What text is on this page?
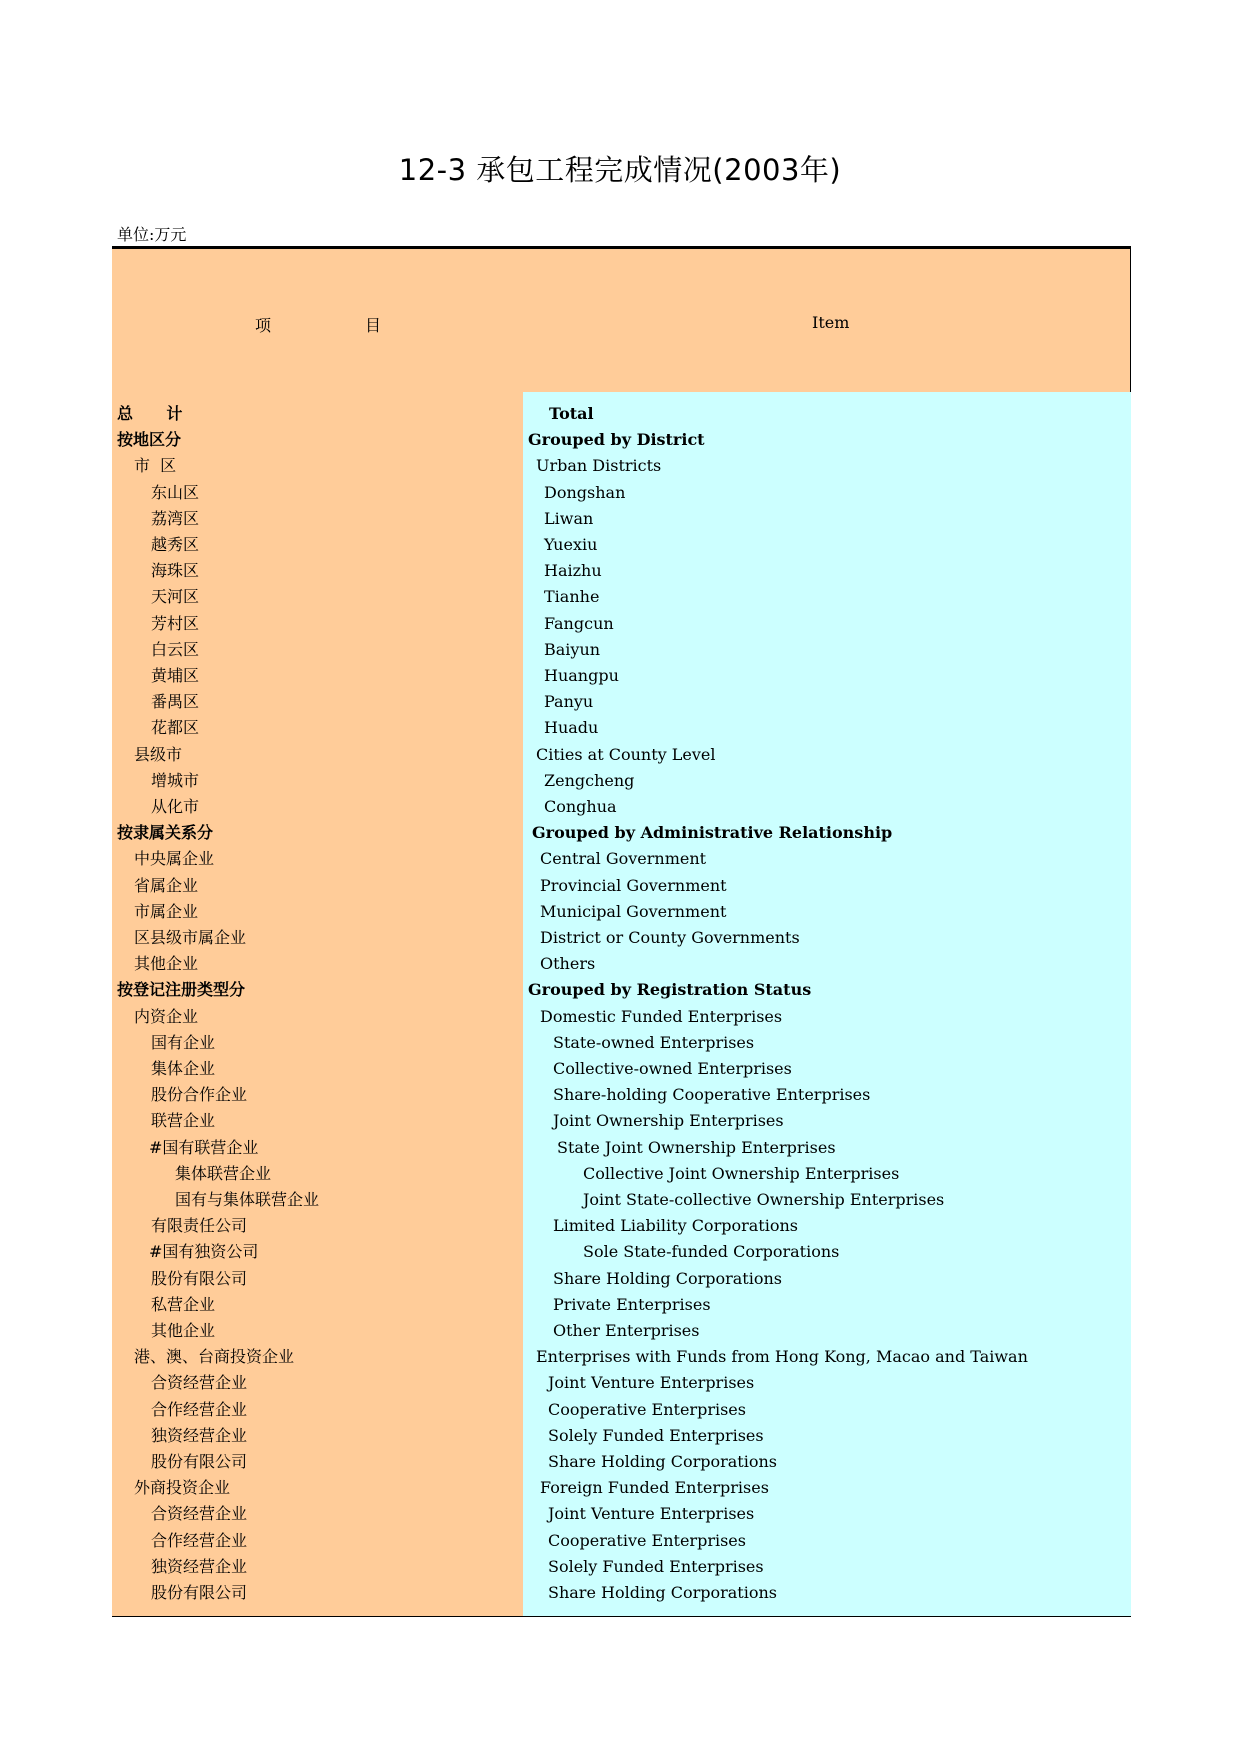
12-3 承包工程完成情况(2003年)
单位:万元
项	目	Item
总      计	Total
按地区分	Grouped by District
市  区	Urban Districts
东山区	Dongshan
荔湾区	Liwan
越秀区	Yuexiu
海珠区	Haizhu
天河区	Tianhe
芳村区	Fangcun
白云区	Baiyun
黄埔区	Huangpu
番禺区	Panyu
花都区	Huadu
县级市	Cities at County Level
增城市	Zengcheng
从化市	Conghua
按隶属关系分	Grouped by Administrative Relationship
中央属企业	Central Government
省属企业	Provincial Government
市属企业	Municipal Government
区县级市属企业	District or County Governments
其他企业	Others
按登记注册类型分	Grouped by Registration Status
内资企业	Domestic Funded Enterprises
国有企业	State-owned Enterprises
集体企业	Collective-owned Enterprises
股份合作企业	Share-holding Cooperative Enterprises
联营企业	Joint Ownership Enterprises
#国有联营企业	State Joint Ownership Enterprises
集体联营企业	Collective Joint Ownership Enterprises
国有与集体联营企业	Joint State-collective Ownership Enterprises
有限责任公司	Limited Liability Corporations
#国有独资公司	Sole State-funded Corporations
股份有限公司	Share Holding Corporations
私营企业	Private Enterprises
其他企业	Other Enterprises
港、澳、台商投资企业	Enterprises with Funds from Hong Kong, Macao and Taiwan
合资经营企业	Joint Venture Enterprises
合作经营企业	Cooperative Enterprises
独资经营企业	Solely Funded Enterprises
股份有限公司	Share Holding Corporations
外商投资企业	Foreign Funded Enterprises
合资经营企业	Joint Venture Enterprises
合作经营企业	Cooperative Enterprises
独资经营企业	Solely Funded Enterprises
股份有限公司	Share Holding Corporations
